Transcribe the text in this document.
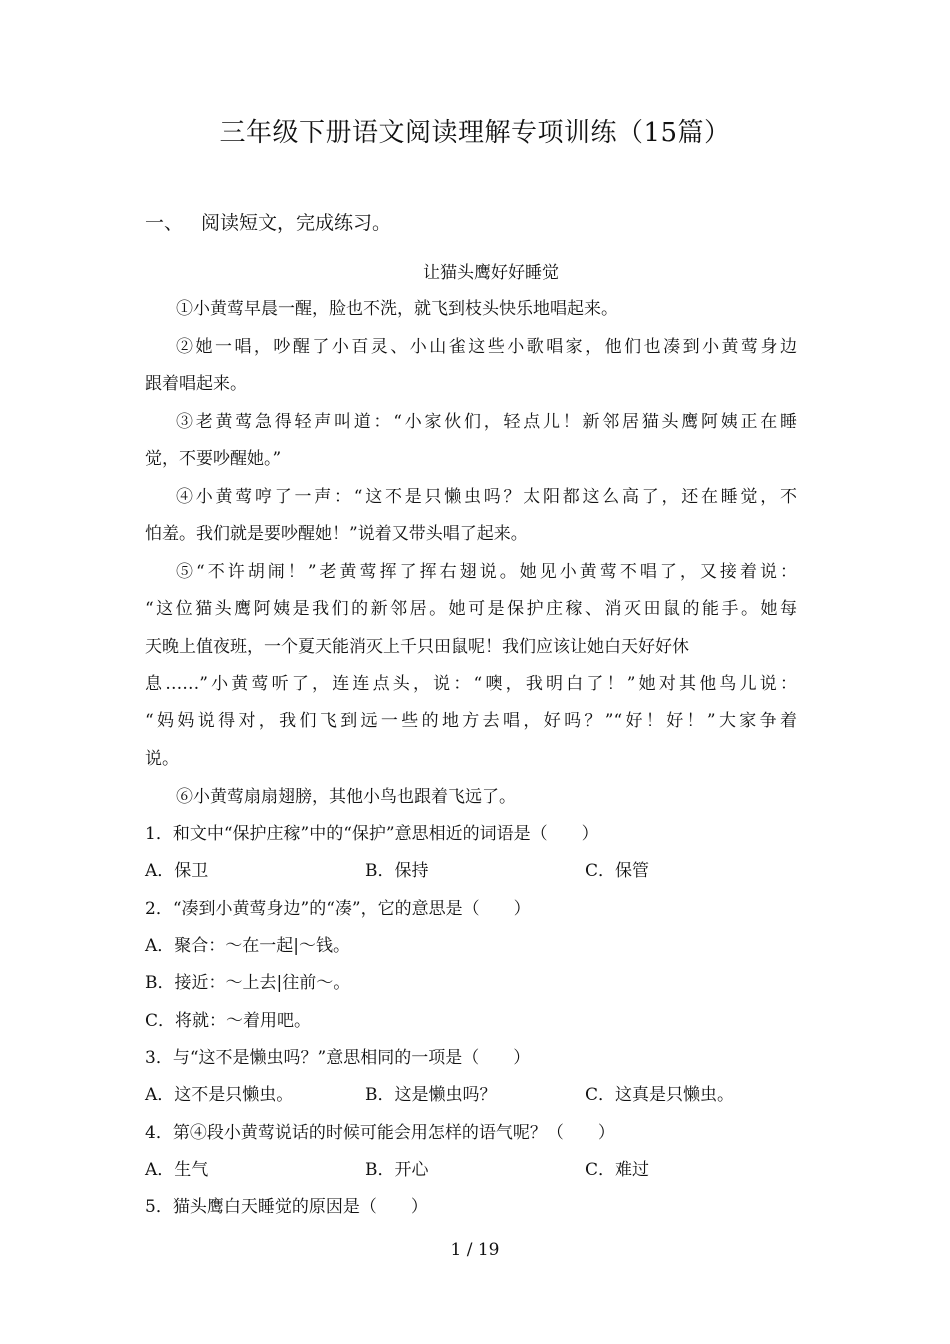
三年级下册语文阅读理解专项训练（15篇）
一、 阅读短文，完成练习。
让猫头鹰好好睡觉
①小黄莺早晨一醒，脸也不洗，就飞到枝头快乐地唱起来。
②她一唱，吵醒了小百灵、小山雀这些小歌唱家，他们也凑到小黄莺身边
跟着唱起来。
③老黄莺急得轻声叫道：“小家伙们，轻点儿！新邻居猫头鹰阿姨正在睡
觉，不要吵醒她。”
④小黄莺哼了一声：“这不是只懒虫吗？太阳都这么高了，还在睡觉，不
怕羞。我们就是要吵醒她！”说着又带头唱了起来。
⑤“不许胡闹！”老黄莺挥了挥右翅说。她见小黄莺不唱了，又接着说：
“这位猫头鹰阿姨是我们的新邻居。她可是保护庄稼、消灭田鼠的能手。她每
天晚上值夜班，一个夏天能消灭上千只田鼠呢！我们应该让她白天好好休
息……”小黄莺听了，连连点头，说：“噢，我明白了！”她对其他鸟儿说：
“妈妈说得对，我们飞到远一些的地方去唱，好吗？”“好！好！”大家争着
说。
⑥小黄莺扇扇翅膀，其他小鸟也跟着飞远了。
1．和文中“保护庄稼”中的“保护”意思相近的词语是（　　）
A．保卫	B．保持	C．保管
2．“凑到小黄莺身边”的“凑”，它的意思是（　　）
A．聚合：～在一起|～钱。
B．接近：～上去|往前～。
C．将就：～着用吧。
3．与“这不是懒虫吗？”意思相同的一项是（　　）
A．这不是只懒虫。	B．这是懒虫吗？	C．这真是只懒虫。
4．第④段小黄莺说话的时候可能会用怎样的语气呢？（　　）
A．生气	B．开心	C．难过
5．猫头鹰白天睡觉的原因是（　　）
1 / 19
